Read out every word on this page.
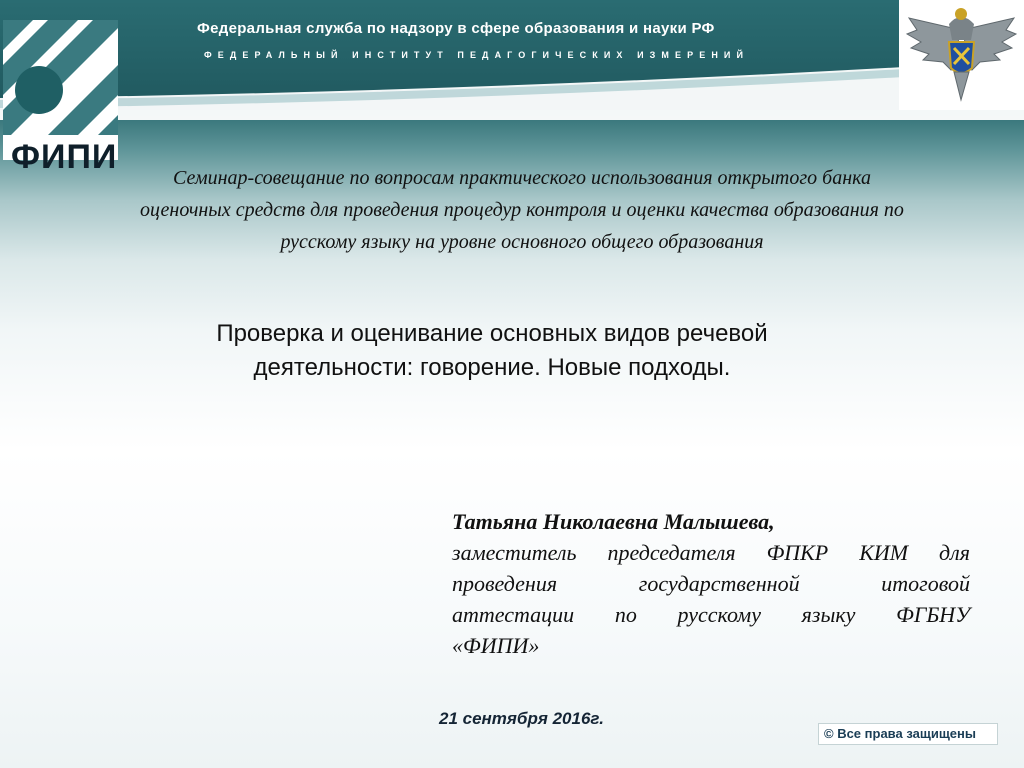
ФИПИ
Федеральная служба по надзору в сфере образования и науки РФ
ФЕДЕРАЛЬНЫЙ ИНСТИТУТ ПЕДАГОГИЧЕСКИХ ИЗМЕРЕНИЙ
Семинар-совещание по вопросам практического использования открытого банка
оценочных средств для проведения процедур контроля и оценки качества образования по
русскому языку на уровне основного общего образования
Проверка и оценивание основных видов речевой
деятельности: говорение. Новые подходы.
Татьяна Николаевна Малышева,
заместитель председателя ФПКР КИМ для
проведения государственной итоговой
аттестации по русскому языку ФГБНУ
«ФИПИ»
21 сентября 2016г.
© Все права защищены
